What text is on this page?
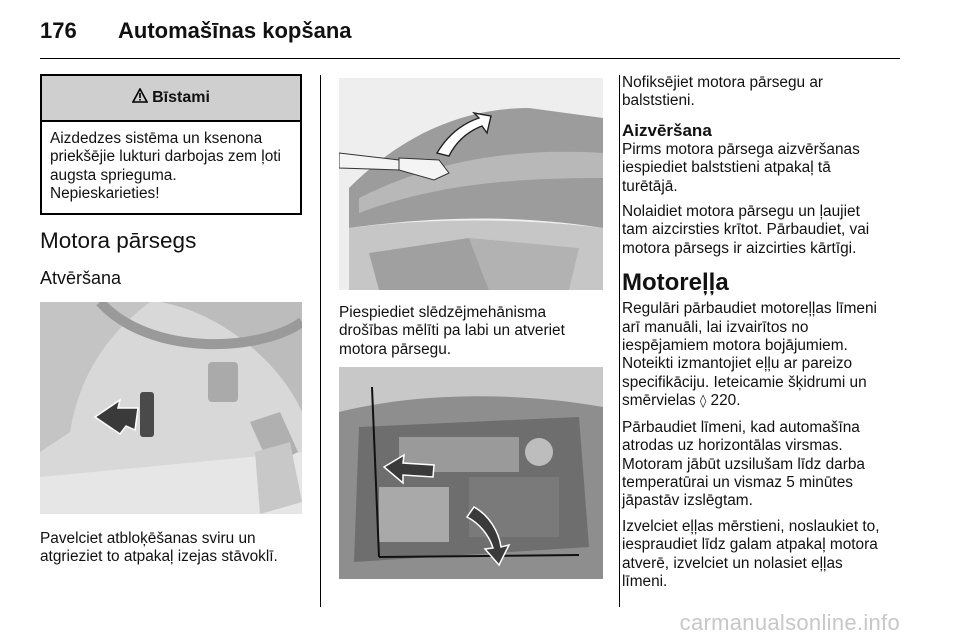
176	Automašīnas kopšana
Bīstami
Aizdedzes sistēma un ksenona
priekšējie lukturi darbojas zem ļoti
augsta sprieguma.
Nepieskarieties!
Motora pārsegs
Atvēršana

Pavelciet atbloķēšanas sviru un
atgrieziet to atpakaļ izejas stāvoklī.

Piespiediet slēdzējmehānisma
drošības mēlīti pa labi un atveriet
motora pārsegu.

Nofiksējiet motora pārsegu ar
balststieni.

Aizvēršana

Pirms motora pārsega aizvēršanas
iespiediet balststieni atpakaļ tā
turētājā.

Nolaidiet motora pārsegu un ļaujiet
tam aizcirsties krītot. Pārbaudiet, vai
motora pārsegs ir aizcirties kārtīgi.

Motoreļļa

Regulāri pārbaudiet motoreļļas līmeni
arī manuāli, lai izvairītos no
iespējamiem motora bojājumiem.
Noteikti izmantojiet eļļu ar pareizo
specifikāciju. Ieteicamie šķidrumi un
smērvielas ◊ 220.

Pārbaudiet līmeni, kad automašīna
atrodas uz horizontālas virsmas.
Motoram jābūt uzsilušam līdz darba
temperatūrai un vismaz 5 minūtes
jāpastāv izslēgtam.

Izvelciet eļļas mērstieni, noslaukiet to,
iespraudiet līdz galam atpakaļ motora
atverē, izvelciet un nolasiet eļļas
līmeni.

carmanualsonline.info
